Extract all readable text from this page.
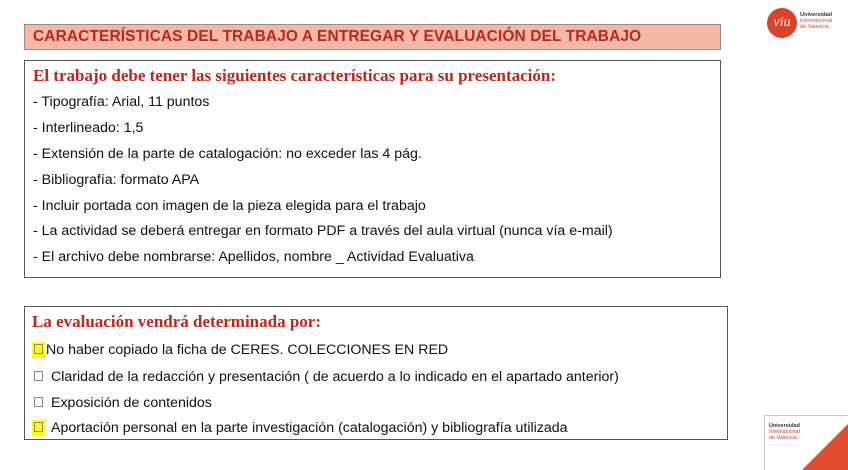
CARACTERÍSTICAS DEL TRABAJO A ENTREGAR Y EVALUACIÓN DEL TRABAJO
viu	Universidad
Internacional
de Valencia
El trabajo debe tener las siguientes características para su presentación:
- Tipografía: Arial, 11 puntos
- Interlineado: 1,5
- Extensión de la parte de catalogación: no exceder las 4 pág.
- Bibliografía: formato APA
- Incluir portada con imagen de la pieza elegida para el trabajo
- La actividad se deberá entregar en formato PDF a través del aula virtual (nunca vía e-mail)
- El archivo debe nombrarse: Apellidos, nombre _ Actividad Evaluativa
La evaluación vendrá determinada por:
No haber copiado la ficha de CERES. COLECCIONES EN RED
Claridad de la redacción y presentación ( de acuerdo a lo indicado en el apartado anterior)
Exposición de contenidos
Aportación personal en la parte investigación (catalogación) y bibliografía utilizada	Universidad
Internacional
de Valencia
